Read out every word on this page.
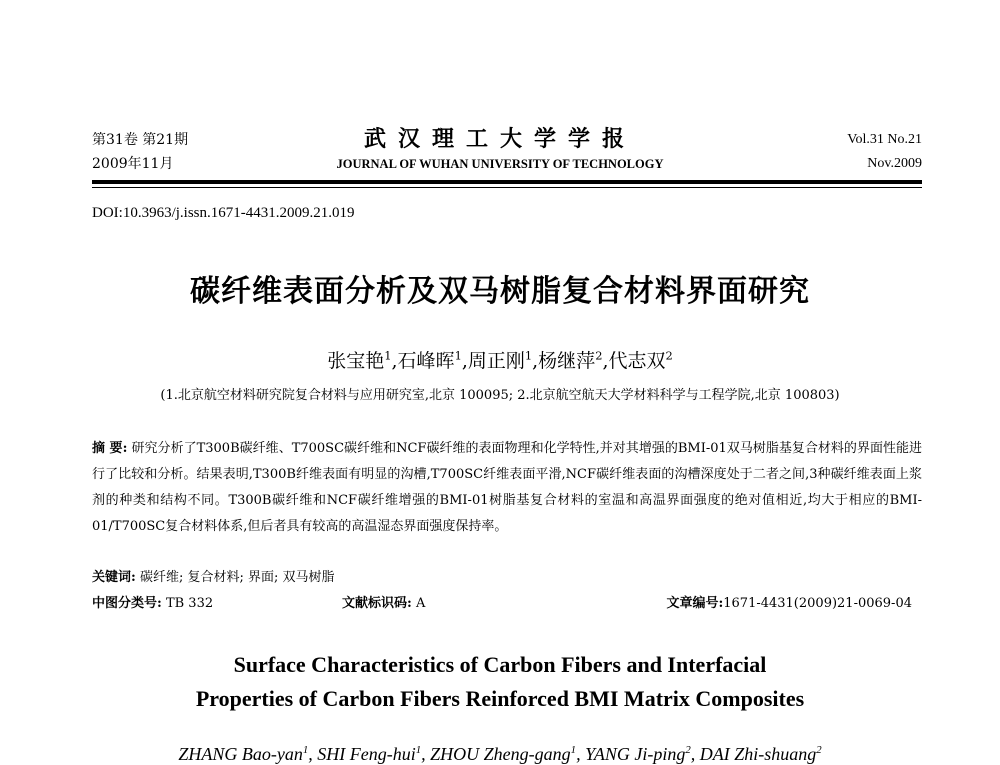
第31卷 第21期
2009年11月
武汉理工大学学报
JOURNAL OF WUHAN UNIVERSITY OF TECHNOLOGY
Vol.31 No.21
Nov.2009
DOI:10.3963/j.issn.1671-4431.2009.21.019
碳纤维表面分析及双马树脂复合材料界面研究
张宝艳$^1$,石峰晖$^1$,周正刚$^1$,杨继萍$^2$,代志双$^2$
(1.北京航空材料研究院复合材料与应用研究室,北京 100095; 2.北京航空航天大学材料科学与工程学院,北京 100803)
摘 要: 研究分析了T300B碳纤维、T700SC碳纤维和NCF碳纤维的表面物理和化学特性,并对其增强的BMI-01双马树脂基复合材料的界面性能进行了比较和分析。结果表明,T300B纤维表面有明显的沟槽,T700SC纤维表面平滑,NCF碳纤维表面的沟槽深度处于二者之间,3种碳纤维表面上浆剂的种类和结构不同。T300B碳纤维和NCF碳纤维增强的BMI-01树脂基复合材料的室温和高温界面强度的绝对值相近,均大于相应的BMI-01/T700SC复合材料体系,但后者具有较高的高温湿态界面强度保持率。
关键词: 碳纤维; 复合材料; 界面; 双马树脂
中图分类号: TB 332	文献标识码: A	文章编号:1671-4431(2009)21-0069-04
Surface Characteristics of Carbon Fibers and Interfacial
Properties of Carbon Fibers Reinforced BMI Matrix Composites
ZHANG Bao-yan$^1$, SHI Feng-hui$^1$, ZHOU Zheng-gang$^1$, YANG Ji-ping$^2$, DAI Zhi-shuang$^2$
